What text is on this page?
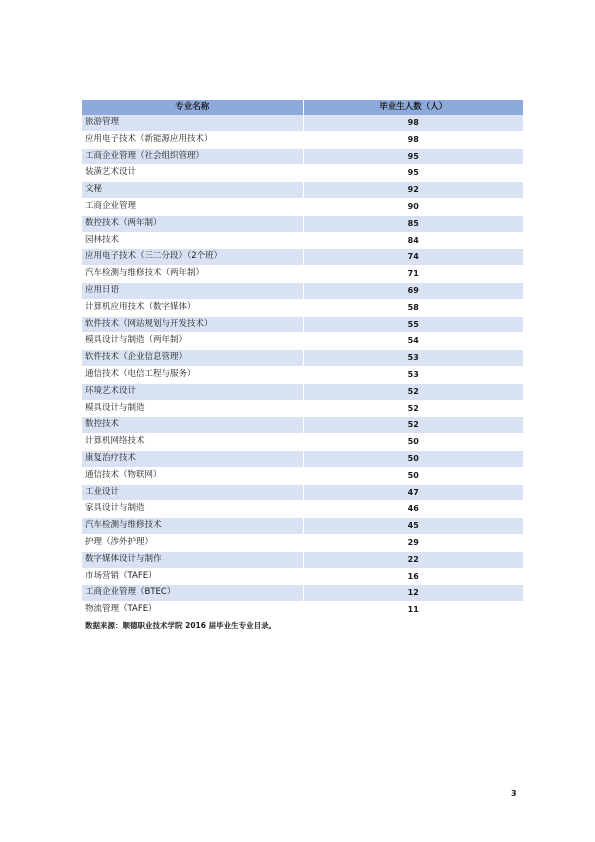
专业名称	毕业生人数（人）
旅游管理	98
应用电子技术（新能源应用技术）	98
工商企业管理（社会组织管理）	95
装潢艺术设计	95
文秘	92
工商企业管理	90
数控技术（两年制）	85
园林技术	84
应用电子技术（三二分段）（2个班）	74
汽车检测与维修技术（两年制）	71
应用日语	69
计算机应用技术（数字媒体）	58
软件技术（网站规划与开发技术）	55
模具设计与制造（两年制）	54
软件技术（企业信息管理）	53
通信技术（电信工程与服务）	53
环境艺术设计	52
模具设计与制造	52
数控技术	52
计算机网络技术	50
康复治疗技术	50
通信技术（物联网）	50
工业设计	47
家具设计与制造	46
汽车检测与维修技术	45
护理（涉外护理）	29
数字媒体设计与制作	22
市场营销（TAFE）	16
工商企业管理（BTEC）	12
物流管理（TAFE）	11
数据来源：顺德职业技术学院 2016 届毕业生专业目录。
3
